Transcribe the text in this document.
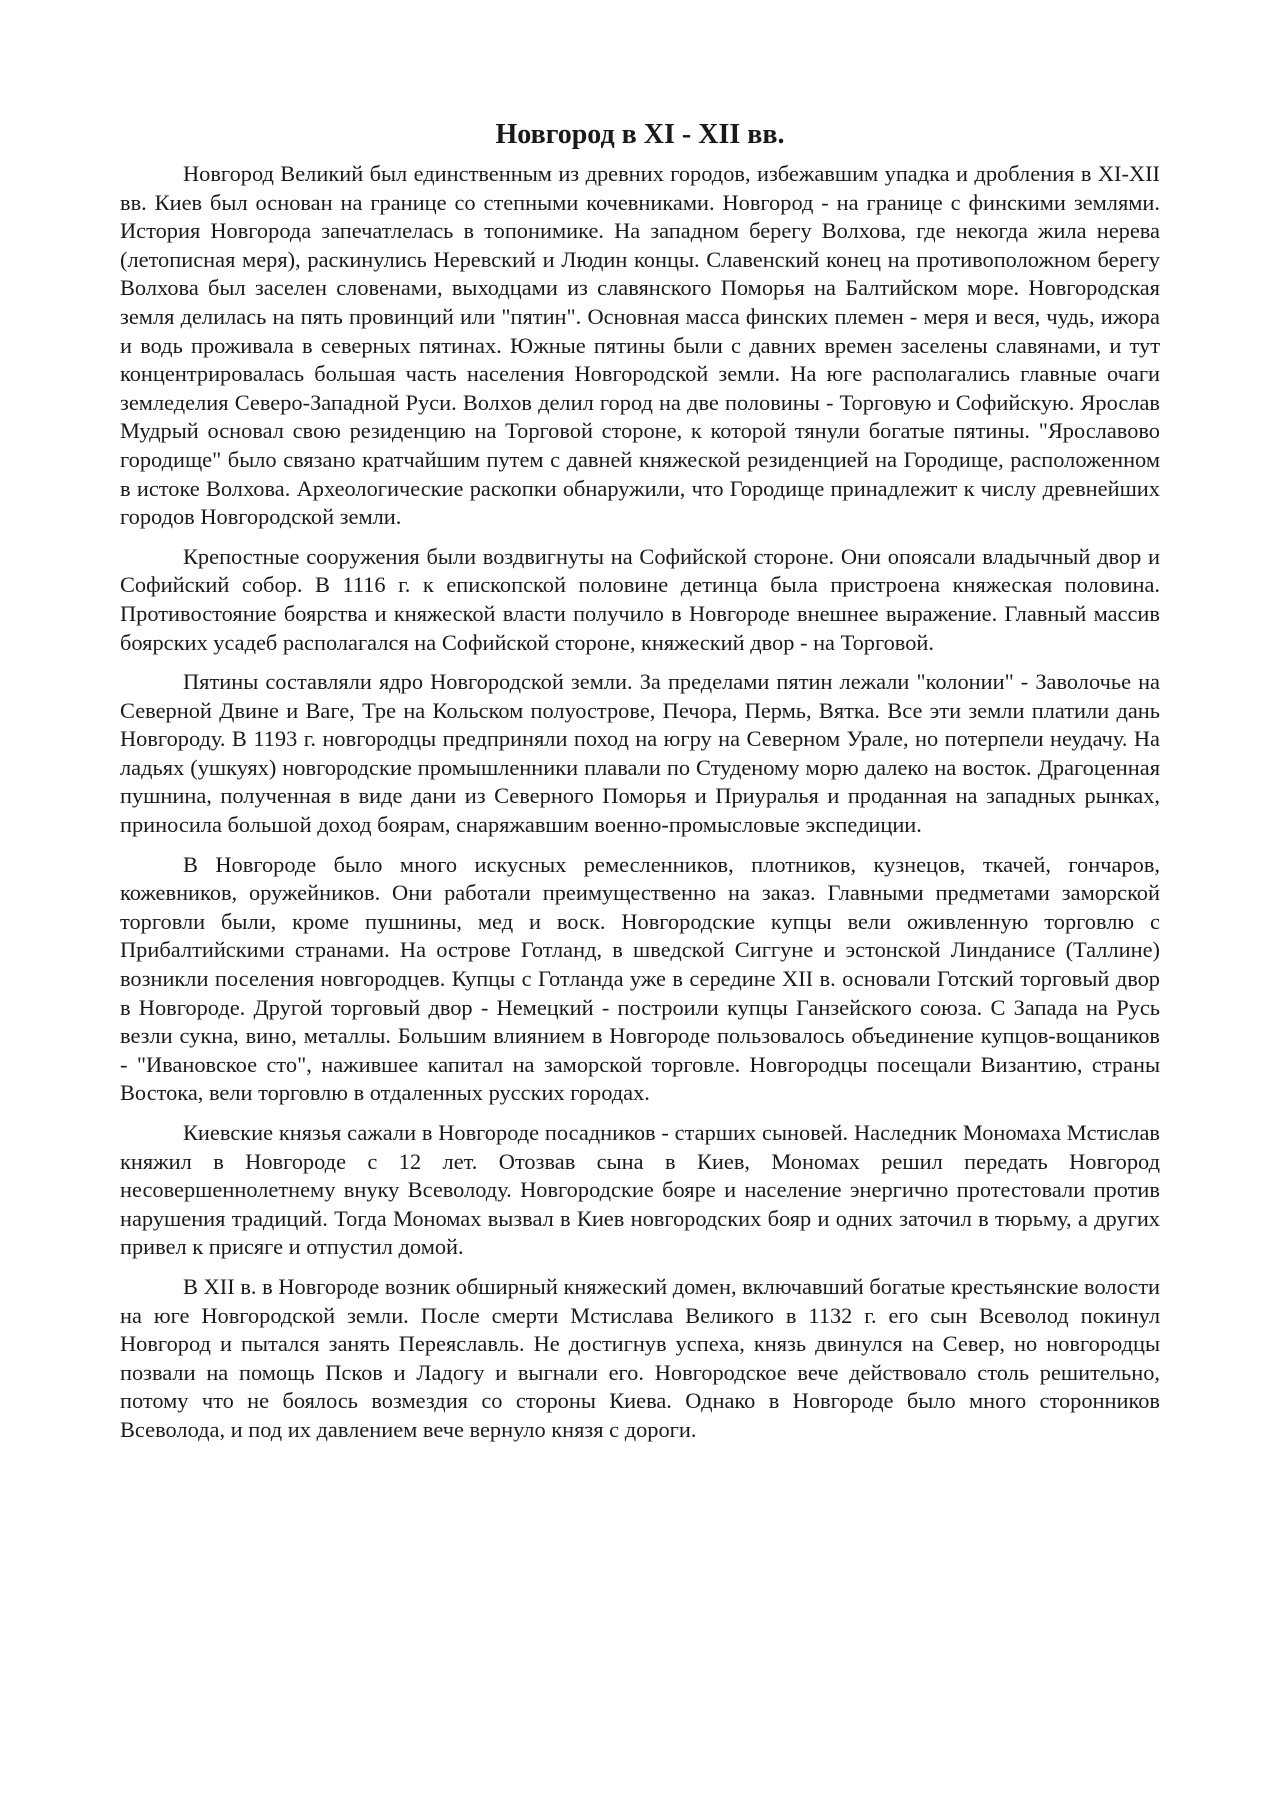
Новгород в XI - XII вв.

Новгород Великий был единственным из древних городов, избежавшим упадка и дробления в XI-XII вв. Киев был основан на границе со степными кочевниками. Новгород - на границе с финскими землями. История Новгорода запечатлелась в топонимике. На западном берегу Волхова, где некогда жила нерева (летописная меря), раскинулись Неревский и Людин концы. Славенский конец на противоположном берегу Волхова был заселен словенами, выходцами из славянского Поморья на Балтийском море. Новгородская земля делилась на пять провинций или "пятин". Основная масса финских племен - меря и веся, чудь, ижора и водь проживала в северных пятинах. Южные пятины были с давних времен заселены славянами, и тут концентрировалась большая часть населения Новгородской земли. На юге располагались главные очаги земледелия Северо-Западной Руси. Волхов делил город на две половины - Торговую и Софийскую. Ярослав Мудрый основал свою резиденцию на Торговой стороне, к которой тянули богатые пятины. "Ярославово городище" было связано кратчайшим путем с давней княжеской резиденцией на Городище, расположенном в истоке Волхова. Археологические раскопки обнаружили, что Городище принадлежит к числу древнейших городов Новгородской земли.

Крепостные сооружения были воздвигнуты на Софийской стороне. Они опоясали владычный двор и Софийский собор. В 1116 г. к епископской половине детинца была пристроена княжеская половина. Противостояние боярства и княжеской власти получило в Новгороде внешнее выражение. Главный массив боярских усадеб располагался на Софийской стороне, княжеский двор - на Торговой.

Пятины составляли ядро Новгородской земли. За пределами пятин лежали "колонии" - Заволочье на Северной Двине и Ваге, Тре на Кольском полуострове, Печора, Пермь, Вятка. Все эти земли платили дань Новгороду. В 1193 г. новгородцы предприняли поход на югру на Северном Урале, но потерпели неудачу. На ладьях (ушкуях) новгородские промышленники плавали по Студеному морю далеко на восток. Драгоценная пушнина, полученная в виде дани из Северного Поморья и Приуралья и проданная на западных рынках, приносила большой доход боярам, снаряжавшим военно-промысловые экспедиции.

В Новгороде было много искусных ремесленников, плотников, кузнецов, ткачей, гончаров, кожевников, оружейников. Они работали преимущественно на заказ. Главными предметами заморской торговли были, кроме пушнины, мед и воск. Новгородские купцы вели оживленную торговлю с Прибалтийскими странами. На острове Готланд, в шведской Сиггуне и эстонской Линданисе (Таллине) возникли поселения новгородцев. Купцы с Готланда уже в середине XII в. основали Готский торговый двор в Новгороде. Другой торговый двор - Немецкий - построили купцы Ганзейского союза. С Запада на Русь везли сукна, вино, металлы. Большим влиянием в Новгороде пользовалось объединение купцов-вощаников - "Ивановское сто", нажившее капитал на заморской торговле. Новгородцы посещали Византию, страны Востока, вели торговлю в отдаленных русских городах.

Киевские князья сажали в Новгороде посадников - старших сыновей. Наследник Мономаха Мстислав княжил в Новгороде с 12 лет. Отозвав сына в Киев, Мономах решил передать Новгород несовершеннолетнему внуку Всеволоду. Новгородские бояре и население энергично протестовали против нарушения традиций. Тогда Мономах вызвал в Киев новгородских бояр и одних заточил в тюрьму, а других привел к присяге и отпустил домой.

В XII в. в Новгороде возник обширный княжеский домен, включавший богатые крестьянские волости на юге Новгородской земли. После смерти Мстислава Великого в 1132 г. его сын Всеволод покинул Новгород и пытался занять Переяславль. Не достигнув успеха, князь двинулся на Север, но новгородцы позвали на помощь Псков и Ладогу и выгнали его. Новгородское вече действовало столь решительно, потому что не боялось возмездия со стороны Киева. Однако в Новгороде было много сторонников Всеволода, и под их давлением вече вернуло князя с дороги.
